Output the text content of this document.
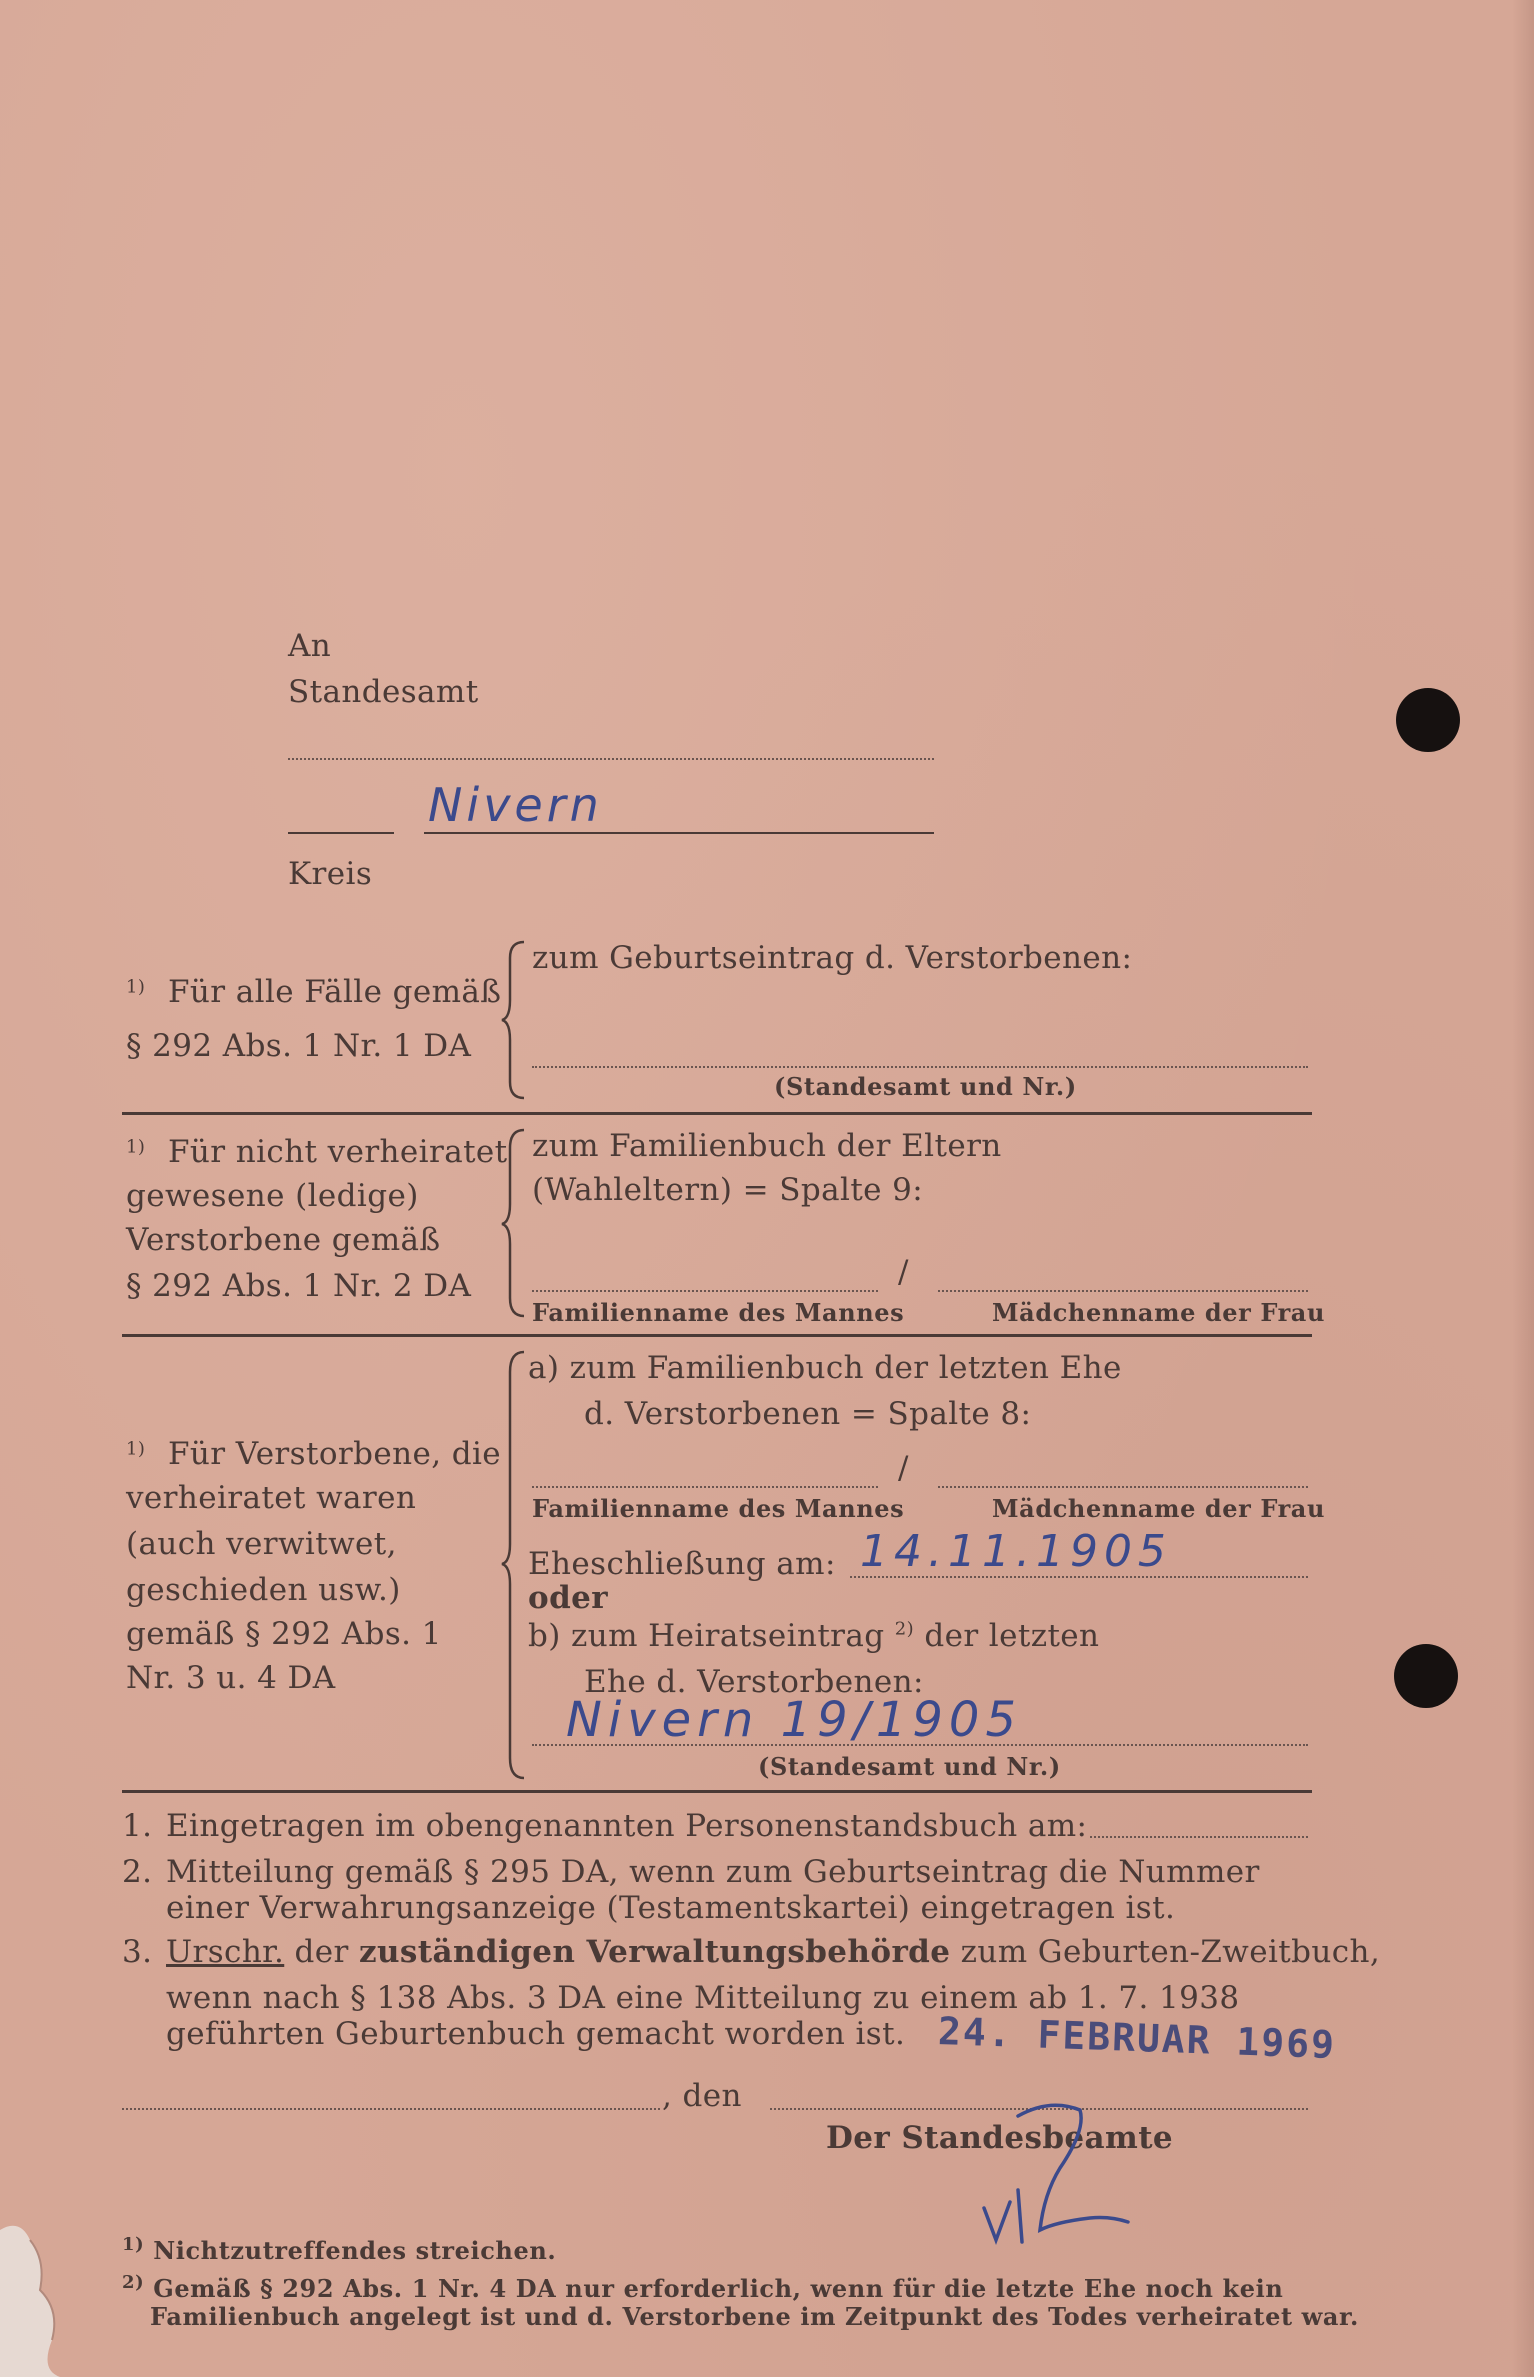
An
Standesamt
Nivern
Kreis
$^{1)}$ Für alle Fälle gemäß
§ 292 Abs. 1 Nr. 1 DA
zum Geburtseintrag d. Verstorbenen:
(Standesamt und Nr.)
$^{1)}$ Für nicht verheiratet
gewesene (ledige)
Verstorbene gemäß
§ 292 Abs. 1 Nr. 2 DA
zum Familienbuch der Eltern
(Wahleltern) = Spalte 9:
/
Familienname des Mannes	Mädchenname der Frau
$^{1)}$ Für Verstorbene, die
verheiratet waren
(auch verwitwet,
geschieden usw.)
gemäß § 292 Abs. 1
Nr. 3 u. 4 DA
a) zum Familienbuch der letzten Ehe
d. Verstorbenen = Spalte 8:
/
Familienname des Mannes	Mädchenname der Frau
Eheschließung am: 14.11.1905
oder
b) zum Heiratseintrag $^{2)}$ der letzten
Ehe d. Verstorbenen:
Nivern 19/1905
(Standesamt und Nr.)
1. Eingetragen im obengenannten Personenstandsbuch am:
2. Mitteilung gemäß § 295 DA, wenn zum Geburtseintrag die Nummer
einer Verwahrungsanzeige (Testamentskartei) eingetragen ist.
3. Urschr. der zuständigen Verwaltungsbehörde zum Geburten-Zweitbuch,
wenn nach § 138 Abs. 3 DA eine Mitteilung zu einem ab 1. 7. 1938
geführten Geburtenbuch gemacht worden ist. 24. FEBRUAR 1969
, den
Der Standesbeamte
$^{1)}$ Nichtzutreffendes streichen.
$^{2)}$ Gemäß § 292 Abs. 1 Nr. 4 DA nur erforderlich, wenn für die letzte Ehe noch kein
Familienbuch angelegt ist und d. Verstorbene im Zeitpunkt des Todes verheiratet war.
